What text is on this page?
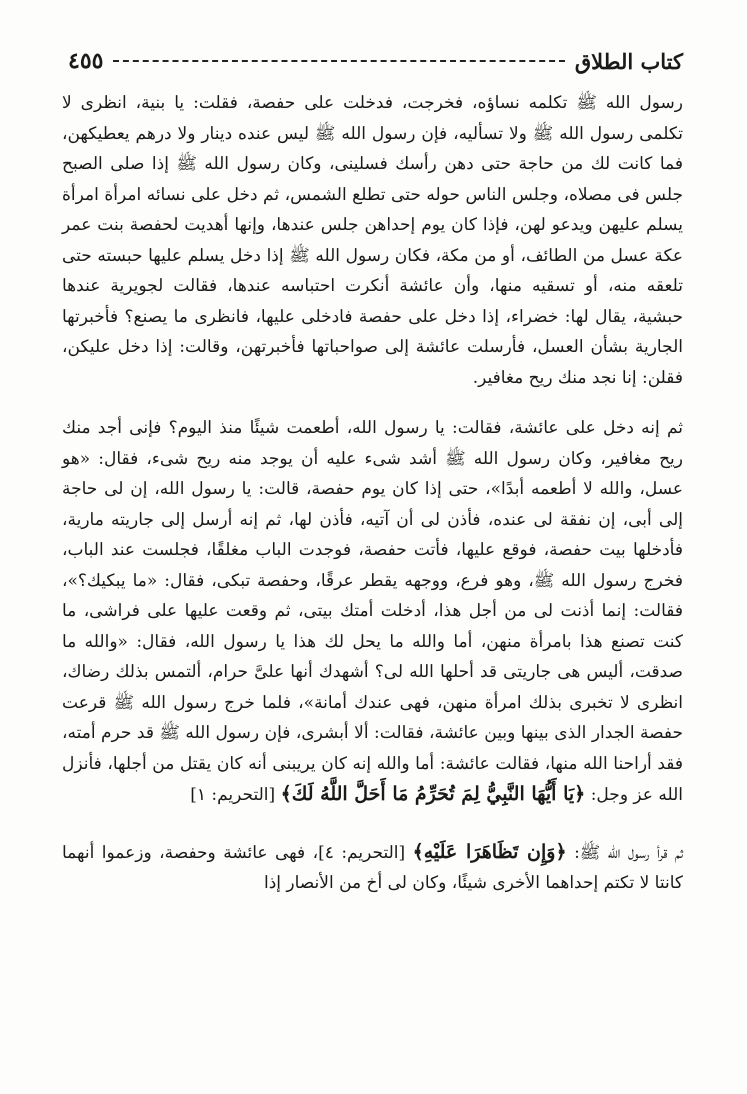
كتاب الطلاق
٤٥٥

رسول الله ﷺ تكلمه نساؤه، فخرجت، فدخلت على حفصة، فقلت: يا بنية، انظرى لا تكلمى رسول الله ﷺ ولا تسأليه، فإن رسول الله ﷺ ليس عنده دينار ولا درهم يعطيكهن، فما كانت لك من حاجة حتى دهن رأسك فسلينى، وكان رسول الله ﷺ إذا صلى الصبح جلس فى مصلاه، وجلس الناس حوله حتى تطلع الشمس، ثم دخل على نسائه امرأة امرأة يسلم عليهن ويدعو لهن، فإذا كان يوم إحداهن جلس عندها، وإنها أهديت لحفصة بنت عمر عكة عسل من الطائف، أو من مكة، فكان رسول الله ﷺ إذا دخل يسلم عليها حبسته حتى تلعقه منه، أو تسقيه منها، وأن عائشة أنكرت احتباسه عندها، فقالت لجويرية عندها حبشية، يقال لها: خضراء، إذا دخل على حفصة فادخلى عليها، فانظرى ما يصنع؟ فأخبرتها الجارية بشأن العسل، فأرسلت عائشة إلى صواحباتها فأخبرتهن، وقالت: إذا دخل عليكن، فقلن: إنا نجد منك ريح مغافير.

ثم إنه دخل على عائشة، فقالت: يا رسول الله، أطعمت شيئًا منذ اليوم؟ فإنى أجد منك ريح مغافير، وكان رسول الله ﷺ أشد شىء عليه أن يوجد منه ريح شىء، فقال: «هو عسل، والله لا أطعمه أبدًا»، حتى إذا كان يوم حفصة، قالت: يا رسول الله، إن لى حاجة إلى أبى، إن نفقة لى عنده، فأذن لى أن آتيه، فأذن لها، ثم إنه أرسل إلى جاريته مارية، فأدخلها بيت حفصة، فوقع عليها، فأتت حفصة، فوجدت الباب مغلقًا، فجلست عند الباب، فخرج رسول الله ﷺ، وهو فرع، ووجهه يقطر عرقًا، وحفصة تبكى، فقال: «ما يبكيك؟»، فقالت: إنما أذنت لى من أجل هذا، أدخلت أمتك بيتى، ثم وقعت عليها على فراشى، ما كنت تصنع هذا بامرأة منهن، أما والله ما يحل لك هذا يا رسول الله، فقال: «والله ما صدقت، أليس هى جاريتى قد أحلها الله لى؟ أشهدك أنها علىَّ حرام، ألتمس بذلك رضاك، انظرى لا تخبرى بذلك امرأة منهن، فهى عندك أمانة»، فلما خرج رسول الله ﷺ قرعت حفصة الجدار الذى بينها وبين عائشة، فقالت: ألا أبشرى، فإن رسول الله ﷺ قد حرم أمته، فقد أراحنا الله منها، فقالت عائشة: أما والله إنه كان يريبنى أنه كان يقتل من أجلها، فأنزل الله عز وجل: ﴿يَا أَيُّهَا النَّبِيُّ لِمَ تُحَرِّمُ مَا أَحَلَّ اللَّهُ لَكَ﴾ [التحريم: ١]

ثم قرأ رسول الله ﷺ: ﴿وَإِن تَظَاهَرَا عَلَيْهِ﴾ [التحريم: ٤]، فهى عائشة وحفصة، وزعموا أنهما كانتا لا تكتم إحداهما الأخرى شيئًا، وكان لى أخ من الأنصار إذا
